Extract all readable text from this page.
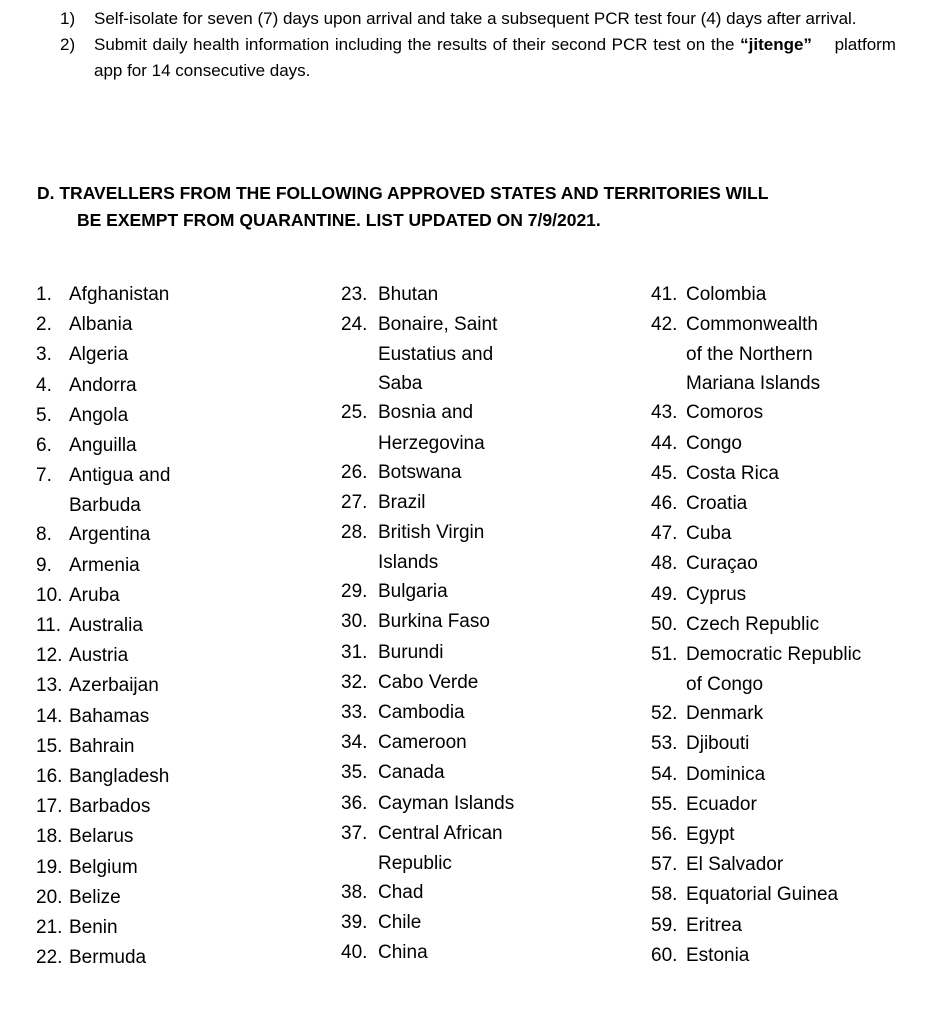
1)	Self-isolate for seven (7) days upon arrival and take a subsequent PCR test four (4) days after arrival.
2)	Submit daily health information including the results of their second PCR test on the “jitenge” platform app for 14 consecutive days.
D. TRAVELLERS FROM THE FOLLOWING APPROVED STATES AND TERRITORIES WILL
BE EXEMPT FROM QUARANTINE. LIST UPDATED ON 7/9/2021.
1. Afghanistan
2. Albania
3. Algeria
4. Andorra
5. Angola
6. Anguilla
7. Antigua and
Barbuda
8. Argentina
9. Armenia
10. Aruba
11. Australia
12. Austria
13. Azerbaijan
14. Bahamas
15. Bahrain
16. Bangladesh
17. Barbados
18. Belarus
19. Belgium
20. Belize
21. Benin
22. Bermuda
23. Bhutan
24. Bonaire, Saint
Eustatius and
Saba
25. Bosnia and
Herzegovina
26. Botswana
27. Brazil
28. British Virgin
Islands
29. Bulgaria
30. Burkina Faso
31. Burundi
32. Cabo Verde
33. Cambodia
34. Cameroon
35. Canada
36. Cayman Islands
37. Central African
Republic
38. Chad
39. Chile
40. China
41. Colombia
42. Commonwealth
of the Northern
Mariana Islands
43. Comoros
44. Congo
45. Costa Rica
46. Croatia
47. Cuba
48. Curaçao
49. Cyprus
50. Czech Republic
51. Democratic Republic
of Congo
52. Denmark
53. Djibouti
54. Dominica
55. Ecuador
56. Egypt
57. El Salvador
58. Equatorial Guinea
59. Eritrea
60. Estonia
